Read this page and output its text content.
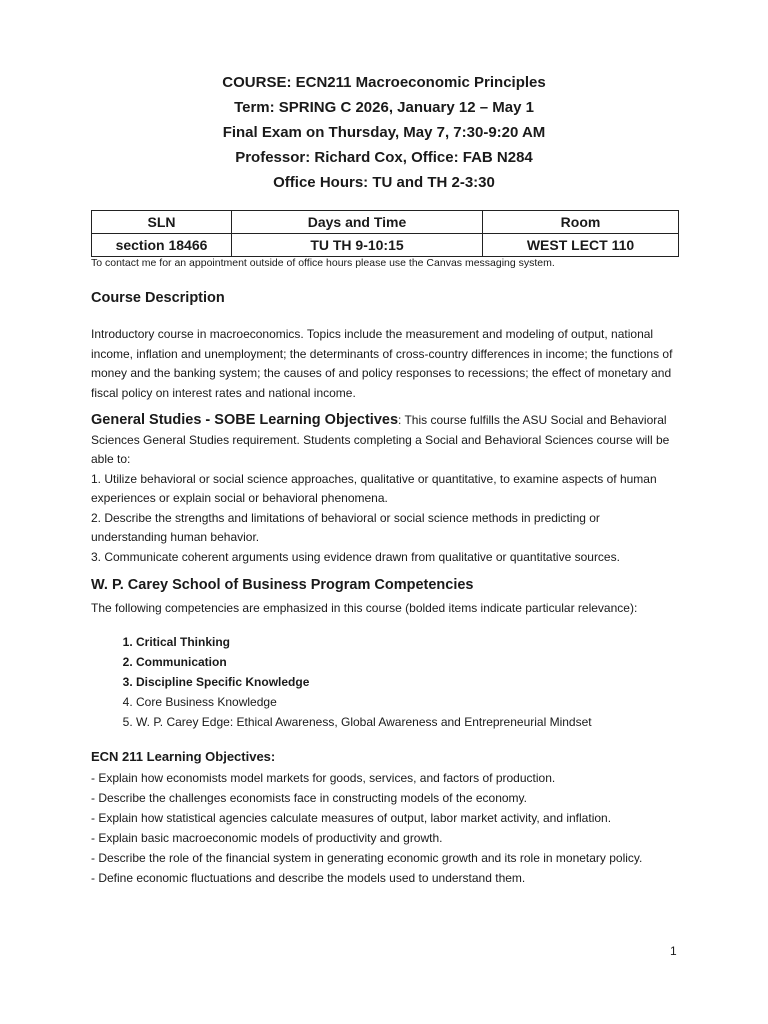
COURSE: ECN211 Macroeconomic Principles

Term: SPRING C 2026, January 12 – May 1

Final Exam on Thursday, May 7, 7:30-9:20 AM

Professor: Richard Cox, Office: FAB N284

Office Hours: TU and TH 2-3:30

SLN	Days and Time	Room
section 18466	TU TH 9-10:15	WEST LECT 110
To contact me for an appointment outside of office hours please use the Canvas messaging system.
Course Description
Introductory course in macroeconomics. Topics include the measurement and modeling of output, national income, inflation and unemployment; the determinants of cross-country differences in income; the functions of money and the banking system; the causes of and policy responses to recessions; the effect of monetary and fiscal policy on interest rates and national income.
General Studies - SOBE Learning Objectives: This course fulfills the ASU Social and Behavioral Sciences General Studies requirement. Students completing a Social and Behavioral Sciences course will be able to:
1. Utilize behavioral or social science approaches, qualitative or quantitative, to examine aspects of human experiences or explain social or behavioral phenomena.
2. Describe the strengths and limitations of behavioral or social science methods in predicting or understanding human behavior.
3. Communicate coherent arguments using evidence drawn from qualitative or quantitative sources.
W. P. Carey School of Business Program Competencies
The following competencies are emphasized in this course (bolded items indicate particular relevance):
1. Critical Thinking
2. Communication
3. Discipline Specific Knowledge
4. Core Business Knowledge
5. W. P. Carey Edge: Ethical Awareness, Global Awareness and Entrepreneurial Mindset
ECN 211 Learning Objectives:
- Explain how economists model markets for goods, services, and factors of production.
- Describe the challenges economists face in constructing models of the economy.
- Explain how statistical agencies calculate measures of output, labor market activity, and inflation.
- Explain basic macroeconomic models of productivity and growth.
- Describe the role of the financial system in generating economic growth and its role in monetary policy.
- Define economic fluctuations and describe the models used to understand them.
1
